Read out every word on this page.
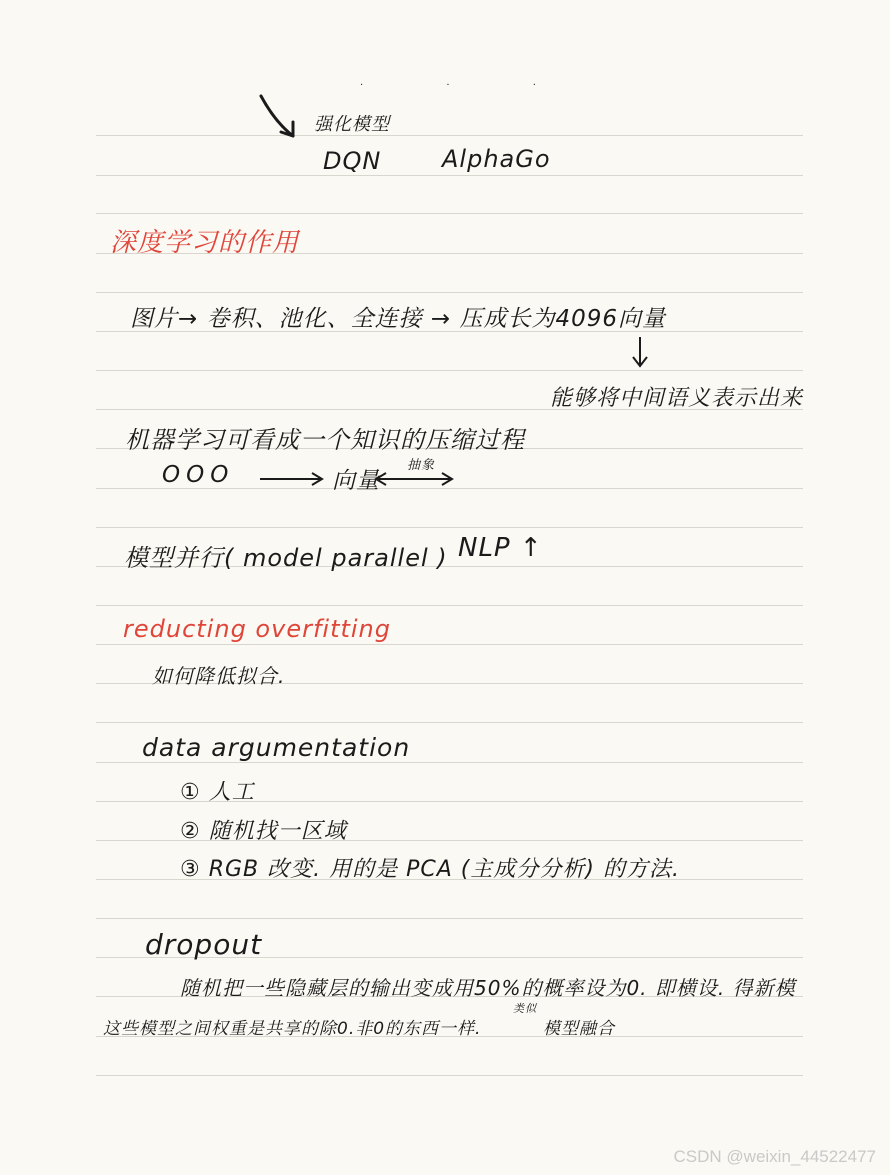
· · ·
强化模型
DQN	AlphaGo
深度学习的作用
图片→ 卷积、池化、全连接 → 压成长为4096向量
能够将中间语义表示出来
机器学习可看成一个知识的压缩过程
OOO	向量
抽象
模型并行( model parallel ) NLP ↑
reducting overfitting
如何降低拟合.
data argumentation
① 人工
② 随机找一区域
③ RGB 改变. 用的是 PCA (主成分分析) 的方法.
dropout
随机把一些隐藏层的输出变成用50%的概率设为0. 即横设. 得新模
这些模型之间权重是共享的除0.非0的东西一样.
类似
模型融合
CSDN @weixin_44522477
